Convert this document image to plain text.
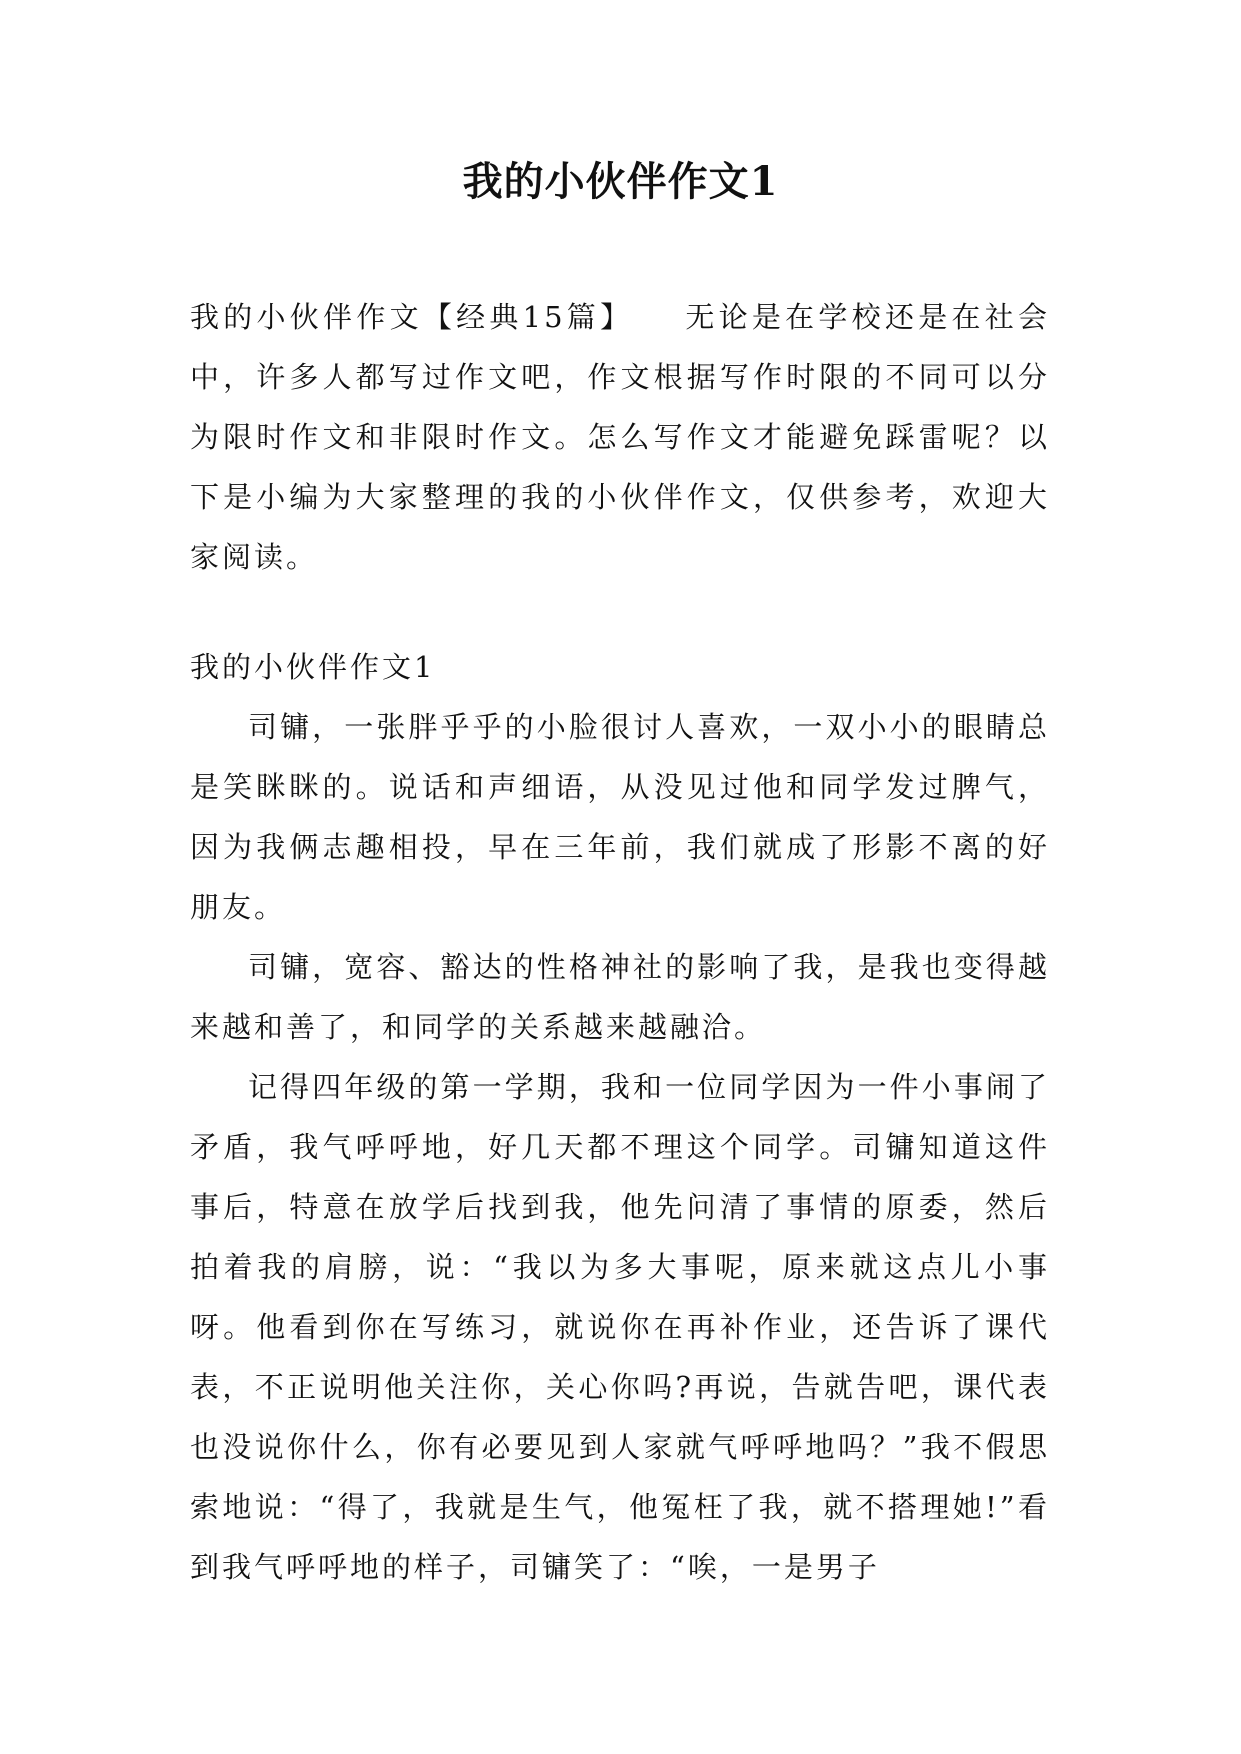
我的小伙伴作文1

我的小伙伴作文【经典15篇】　　无论是在学校还是在社会中，许多人都写过作文吧，作文根据写作时限的不同可以分为限时作文和非限时作文。怎么写作文才能避免踩雷呢？以下是小编为大家整理的我的小伙伴作文，仅供参考，欢迎大家阅读。

我的小伙伴作文1

司镛，一张胖乎乎的小脸很讨人喜欢，一双小小的眼睛总是笑眯眯的。说话和声细语，从没见过他和同学发过脾气，因为我俩志趣相投，早在三年前，我们就成了形影不离的好朋友。

司镛，宽容、豁达的性格神社的影响了我，是我也变得越来越和善了，和同学的关系越来越融洽。

记得四年级的第一学期，我和一位同学因为一件小事闹了矛盾，我气呼呼地，好几天都不理这个同学。司镛知道这件事后，特意在放学后找到我，他先问清了事情的原委，然后拍着我的肩膀，说：“我以为多大事呢，原来就这点儿小事呀。他看到你在写练习，就说你在再补作业，还告诉了课代表，不正说明他关注你，关心你吗?再说，告就告吧，课代表也没说你什么，你有必要见到人家就气呼呼地吗？”我不假思索地说：“得了，我就是生气，他冤枉了我，就不搭理她!”看到我气呼呼地的样子，司镛笑了：“唉，一是男子
